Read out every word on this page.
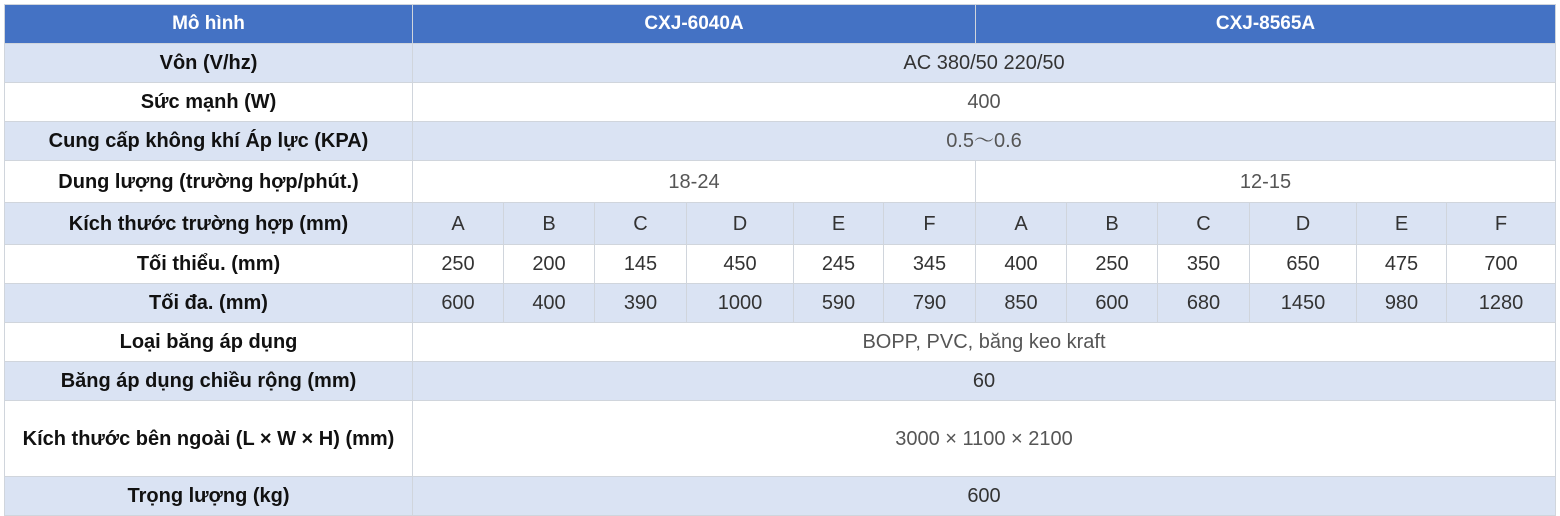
Mô hình	CXJ-6040A						CXJ-8565A					
Vôn (V/hz)	AC 380/50 220/50											
Sức mạnh (W)	400											
Cung cấp không khí Áp lực (KPA)	0.5～0.6											
Dung lượng (trường hợp/phút.)	18-24						12-15					
Kích thước trường hợp (mm)	A	B	C	D	E	F	A	B	C	D	E	F
Tối thiểu. (mm)	250	200	145	450	245	345	400	250	350	650	475	700
Tối đa. (mm)	600	400	390	1000	590	790	850	600	680	1450	980	1280
Loại băng áp dụng	BOPP, PVC, băng keo kraft											
Băng áp dụng chiều rộng (mm)	60											
Kích thước bên ngoài (L × W × H) (mm)	3000 × 1100 × 2100											
Trọng lượng (kg)	600											
